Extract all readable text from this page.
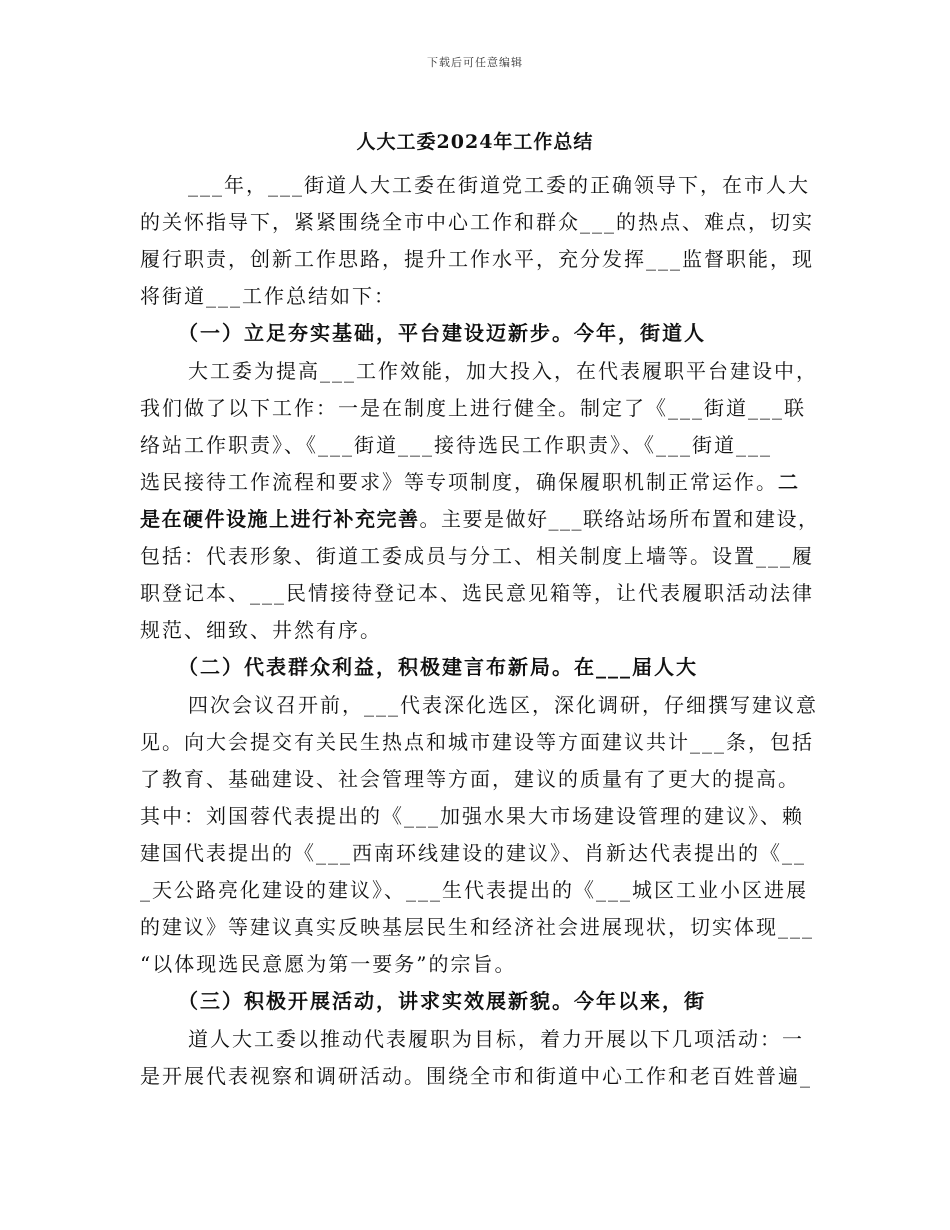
下载后可任意编辑
人大工委2024年工作总结
___年，___街道人大工委在街道党工委的正确领导下，在市人大
的关怀指导下，紧紧围绕全市中心工作和群众___的热点、难点，切实
履行职责，创新工作思路，提升工作水平，充分发挥___监督职能，现
将街道___工作总结如下：
（一）立足夯实基础，平台建设迈新步。今年，街道人
大工委为提高___工作效能，加大投入，在代表履职平台建设中，
我们做了以下工作：一是在制度上进行健全。制定了《___街道___联
络站工作职责》、《___街道___接待选民工作职责》、《___街道___
选民接待工作流程和要求》等专项制度，确保履职机制正常运作。二
是在硬件设施上进行补充完善。主要是做好___联络站场所布置和建设，
包括：代表形象、街道工委成员与分工、相关制度上墙等。设置___履
职登记本、___民情接待登记本、选民意见箱等，让代表履职活动法律
规范、细致、井然有序。
（二）代表群众利益，积极建言布新局。在___届人大
四次会议召开前，___代表深化选区，深化调研，仔细撰写建议意
见。向大会提交有关民生热点和城市建设等方面建议共计___条，包括
了教育、基础建设、社会管理等方面，建议的质量有了更大的提高。
其中：刘国蓉代表提出的《___加强水果大市场建设管理的建议》、赖
建国代表提出的《___西南环线建设的建议》、肖新达代表提出的《__
_天公路亮化建设的建议》、___生代表提出的《___城区工业小区进展
的建议》等建议真实反映基层民生和经济社会进展现状，切实体现___
“以体现选民意愿为第一要务”的宗旨。
（三）积极开展活动，讲求实效展新貌。今年以来，街
道人大工委以推动代表履职为目标，着力开展以下几项活动：一
是开展代表视察和调研活动。围绕全市和街道中心工作和老百姓普遍_
